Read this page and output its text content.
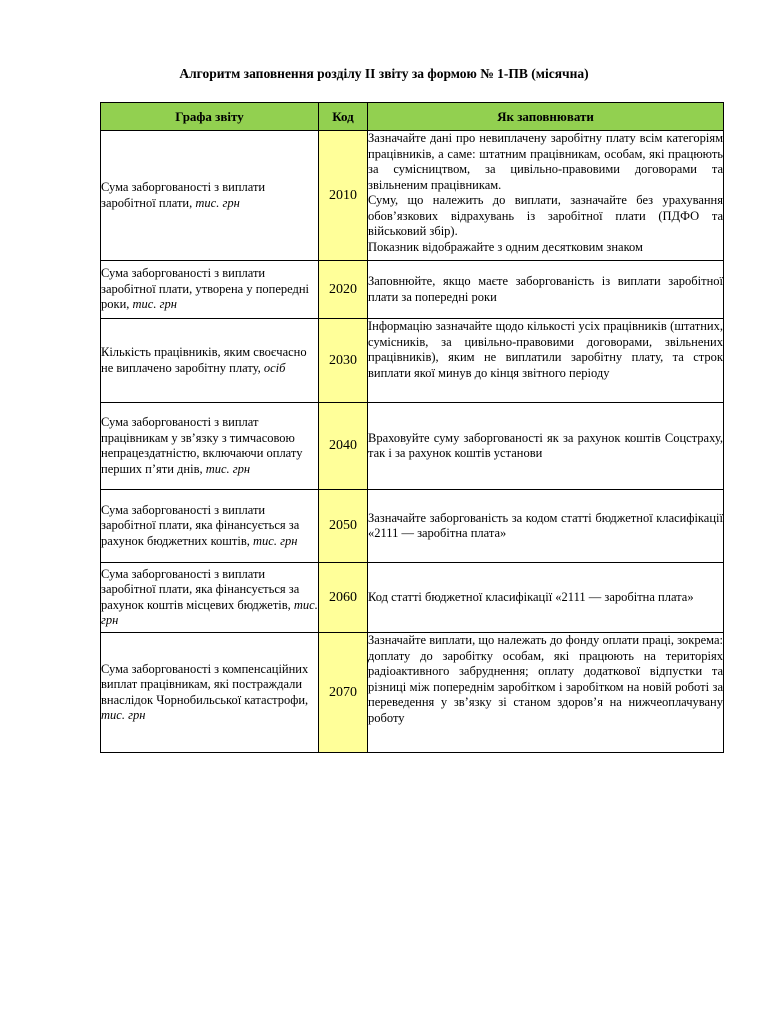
Алгоритм заповнення розділу II звіту за формою № 1-ПВ (місячна)
Графа звіту	Код	Як заповнювати
Сума заборгованості з виплати заробітної плати, тис. грн	2010	Зазначайте дані про невиплачену заробітну плату всім категоріям працівників, а саме: штатним працівникам, особам, які працюють за сумісництвом, за цивільно-правовими договорами та звільненим працівникам.
Суму, що належить до виплати, зазначайте без урахування обов’язкових відрахувань із заробітної плати (ПДФО та військовий збір).
Показник відображайте з одним десятковим знаком

Сума заборгованості з виплати заробітної плати, утворена у попередні роки, тис. грн	2020	Заповнюйте, якщо маєте заборгованість із виплати заробітної плати за попередні роки

Кількість працівників, яким своєчасно не виплачено заробітну плату, осіб	2030	Інформацію зазначайте щодо кількості усіх працівників (штатних, сумісників, за цивільно-правовими договорами, звільнених працівників), яким не виплатили заробітну плату, та строк виплати якої минув до кінця звітного періоду

Сума заборгованості з виплат працівникам у зв’язку з тимчасовою непрацездатністю, включаючи оплату перших п’яти днів, тис. грн	2040	Враховуйте суму заборгованості як за рахунок коштів Соцстраху, так і за рахунок коштів установи

Сума заборгованості з виплати заробітної плати, яка фінансується за рахунок бюджетних коштів, тис. грн	2050	Зазначайте заборгованість за кодом статті бюджетної класифікації «2111 — заробітна плата»

Сума заборгованості з виплати заробітної плати, яка фінансується за рахунок коштів місцевих бюджетів, тис. грн	2060	Код статті бюджетної класифікації «2111 — заробітна плата»

Сума заборгованості з компенсаційних виплат працівникам, які постраждали внаслідок Чорнобильської катастрофи, тис. грн	2070	Зазначайте виплати, що належать до фонду оплати праці, зокрема: доплату до заробітку особам, які працюють на територіях радіоактивного забруднення; оплату додаткової відпустки та різниці між попереднім заробітком і заробітком на новій роботі за переведення у зв’язку зі станом здоров’я на нижчеоплачувану роботу
